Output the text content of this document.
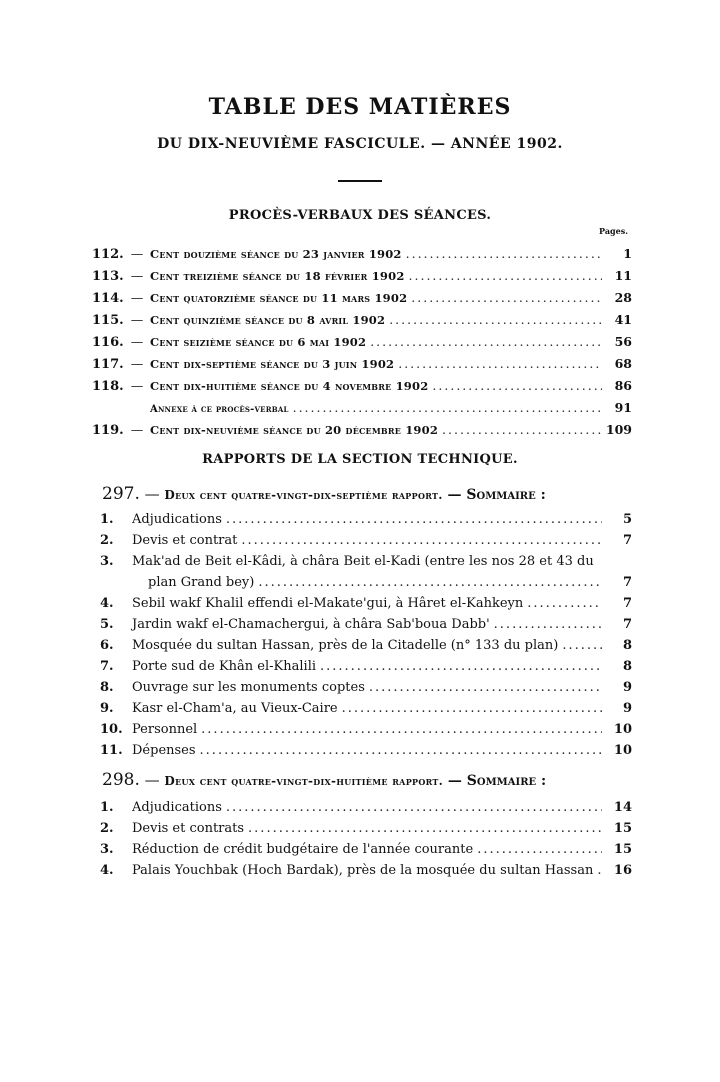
TABLE DES MATIÈRES
DU DIX-NEUVIÈME FASCICULE. — ANNÉE 1902.
PROCÈS-VERBAUX DES SÉANCES.
Pages.
112. — Cent douzième séance du 23 janvier 1902 .....	1
113. — Cent treizième séance du 18 février 1902 .....	11
114. — Cent quatorzième séance du 11 mars 1902 .....	28
115. — Cent quinzième séance du 8 avril 1902 .....	41
116. — Cent seizième séance du 6 mai 1902 .....	56
117. — Cent dix-septième séance du 3 juin 1902 .....	68
118. — Cent dix-huitième séance du 4 novembre 1902 .....	86
Annexe à ce procès-verbal .....	91
119. — Cent dix-neuvième séance du 20 décembre 1902 .....	109
RAPPORTS DE LA SECTION TECHNIQUE.
297. — Deux cent quatre-vingt-dix-septième rapport. — Sommaire :
1.	Adjudications .....	5
2.	Devis et contrat .....	7
3.	Mak'ad de Beit el-Kâdi, à châra Beit el-Kadi (entre les nos 28 et 43 du
plan Grand bey) .....	7
4.	Sebil wakf Khalil effendi el-Makate'gui, à Hâret el-Kahkeyn .....	7
5.	Jardin wakf el-Chamachergui, à châra Sab'boua Dabb' .....	7
6.	Mosquée du sultan Hassan, près de la Citadelle (n° 133 du plan) .....	8
7.	Porte sud de Khân el-Khalili .....	8
8.	Ouvrage sur les monuments coptes .....	9
9.	Kasr el-Cham'a, au Vieux-Caire .....	9
10. Personnel .....	10
11. Dépenses .....	10
298. — Deux cent quatre-vingt-dix-huitième rapport. — Sommaire :
1.	Adjudications .....	14
2.	Devis et contrats .....	15
3.	Réduction de crédit budgétaire de l'année courante .....	15
4.	Palais Youchbak (Hoch Bardak), près de la mosquée du sultan Hassan .....	16
